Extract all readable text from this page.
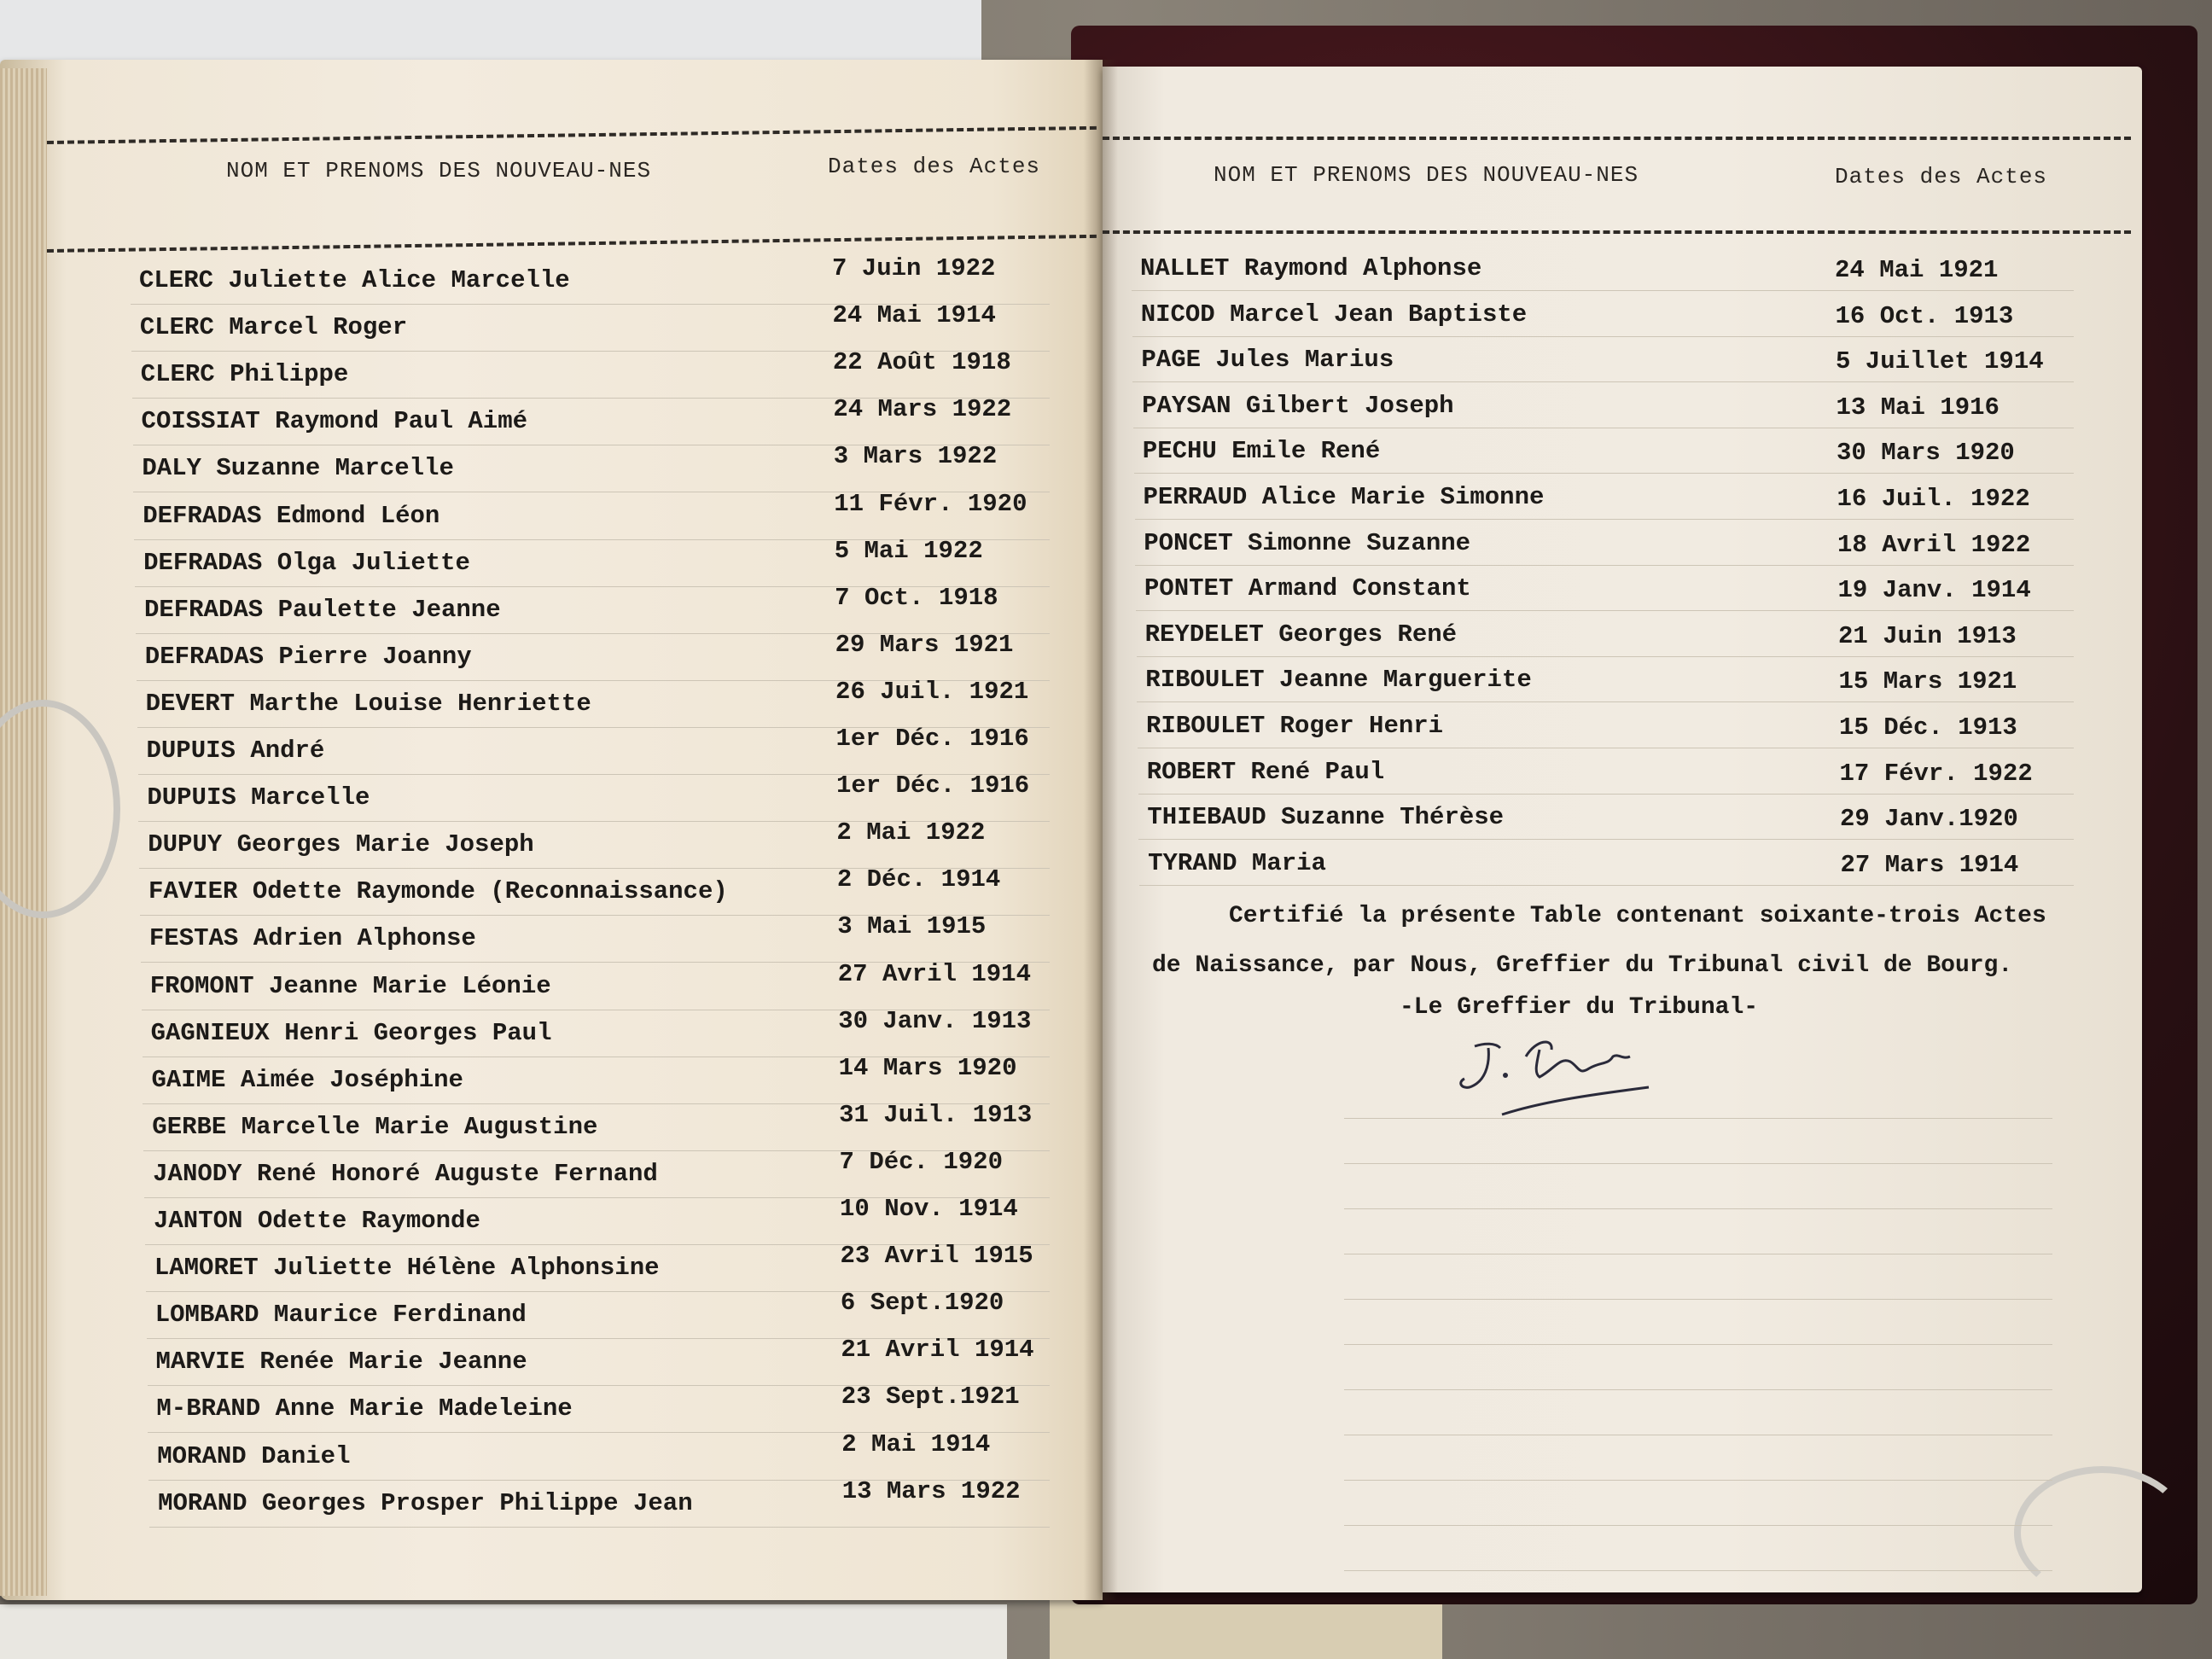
NOM ET PRENOMS DES NOUVEAU-NES	Dates des Actes
CLERC Juliette Alice Marcelle	7 Juin 1922
CLERC Marcel Roger	24 Mai 1914
CLERC Philippe	22 Août 1918
COISSIAT Raymond Paul Aimé	24 Mars 1922
DALY Suzanne Marcelle	3 Mars 1922
DEFRADAS Edmond Léon	11 Févr. 1920
DEFRADAS Olga Juliette	5 Mai 1922
DEFRADAS Paulette Jeanne	7 Oct. 1918
DEFRADAS Pierre Joanny	29 Mars 1921
DEVERT Marthe Louise Henriette	26 Juil. 1921
DUPUIS André	1er Déc. 1916
DUPUIS Marcelle	1er Déc. 1916
DUPUY Georges Marie Joseph	2 Mai 1922
FAVIER Odette Raymonde (Reconnaissance)	2 Déc. 1914
FESTAS Adrien Alphonse	3 Mai 1915
FROMONT Jeanne Marie Léonie	27 Avril 1914
GAGNIEUX Henri Georges Paul	30 Janv. 1913
GAIME Aimée Joséphine	14 Mars 1920
GERBE Marcelle Marie Augustine	31 Juil. 1913
JANODY René Honoré Auguste Fernand	7 Déc. 1920
JANTON Odette Raymonde	10 Nov. 1914
LAMORET Juliette Hélène Alphonsine	23 Avril 1915
LOMBARD Maurice Ferdinand	6 Sept.1920
MARVIE Renée Marie Jeanne	21 Avril 1914
M-BRAND Anne Marie Madeleine	23 Sept.1921
MORAND Daniel	2 Mai 1914
MORAND Georges Prosper Philippe Jean	13 Mars 1922
NOM ET PRENOMS DES NOUVEAU-NES	Dates des Actes
NALLET Raymond Alphonse	24 Mai 1921
NICOD Marcel Jean Baptiste	16 Oct. 1913
PAGE Jules Marius	5 Juillet 1914
PAYSAN Gilbert Joseph	13 Mai 1916
PECHU Emile René	30 Mars 1920
PERRAUD Alice Marie Simonne	16 Juil. 1922
PONCET Simonne Suzanne	18 Avril 1922
PONTET Armand Constant	19 Janv. 1914
REYDELET Georges René	21 Juin 1913
RIBOULET Jeanne Marguerite	15 Mars 1921
RIBOULET Roger Henri	15 Déc. 1913
ROBERT René Paul	17 Févr. 1922
THIEBAUD Suzanne Thérèse	29 Janv.1920
TYRAND Maria	27 Mars 1914
Certifié la présente Table contenant soixante-trois Actes
de Naissance, par Nous, Greffier du Tribunal civil de Bourg.
-Le Greffier du Tribunal-
